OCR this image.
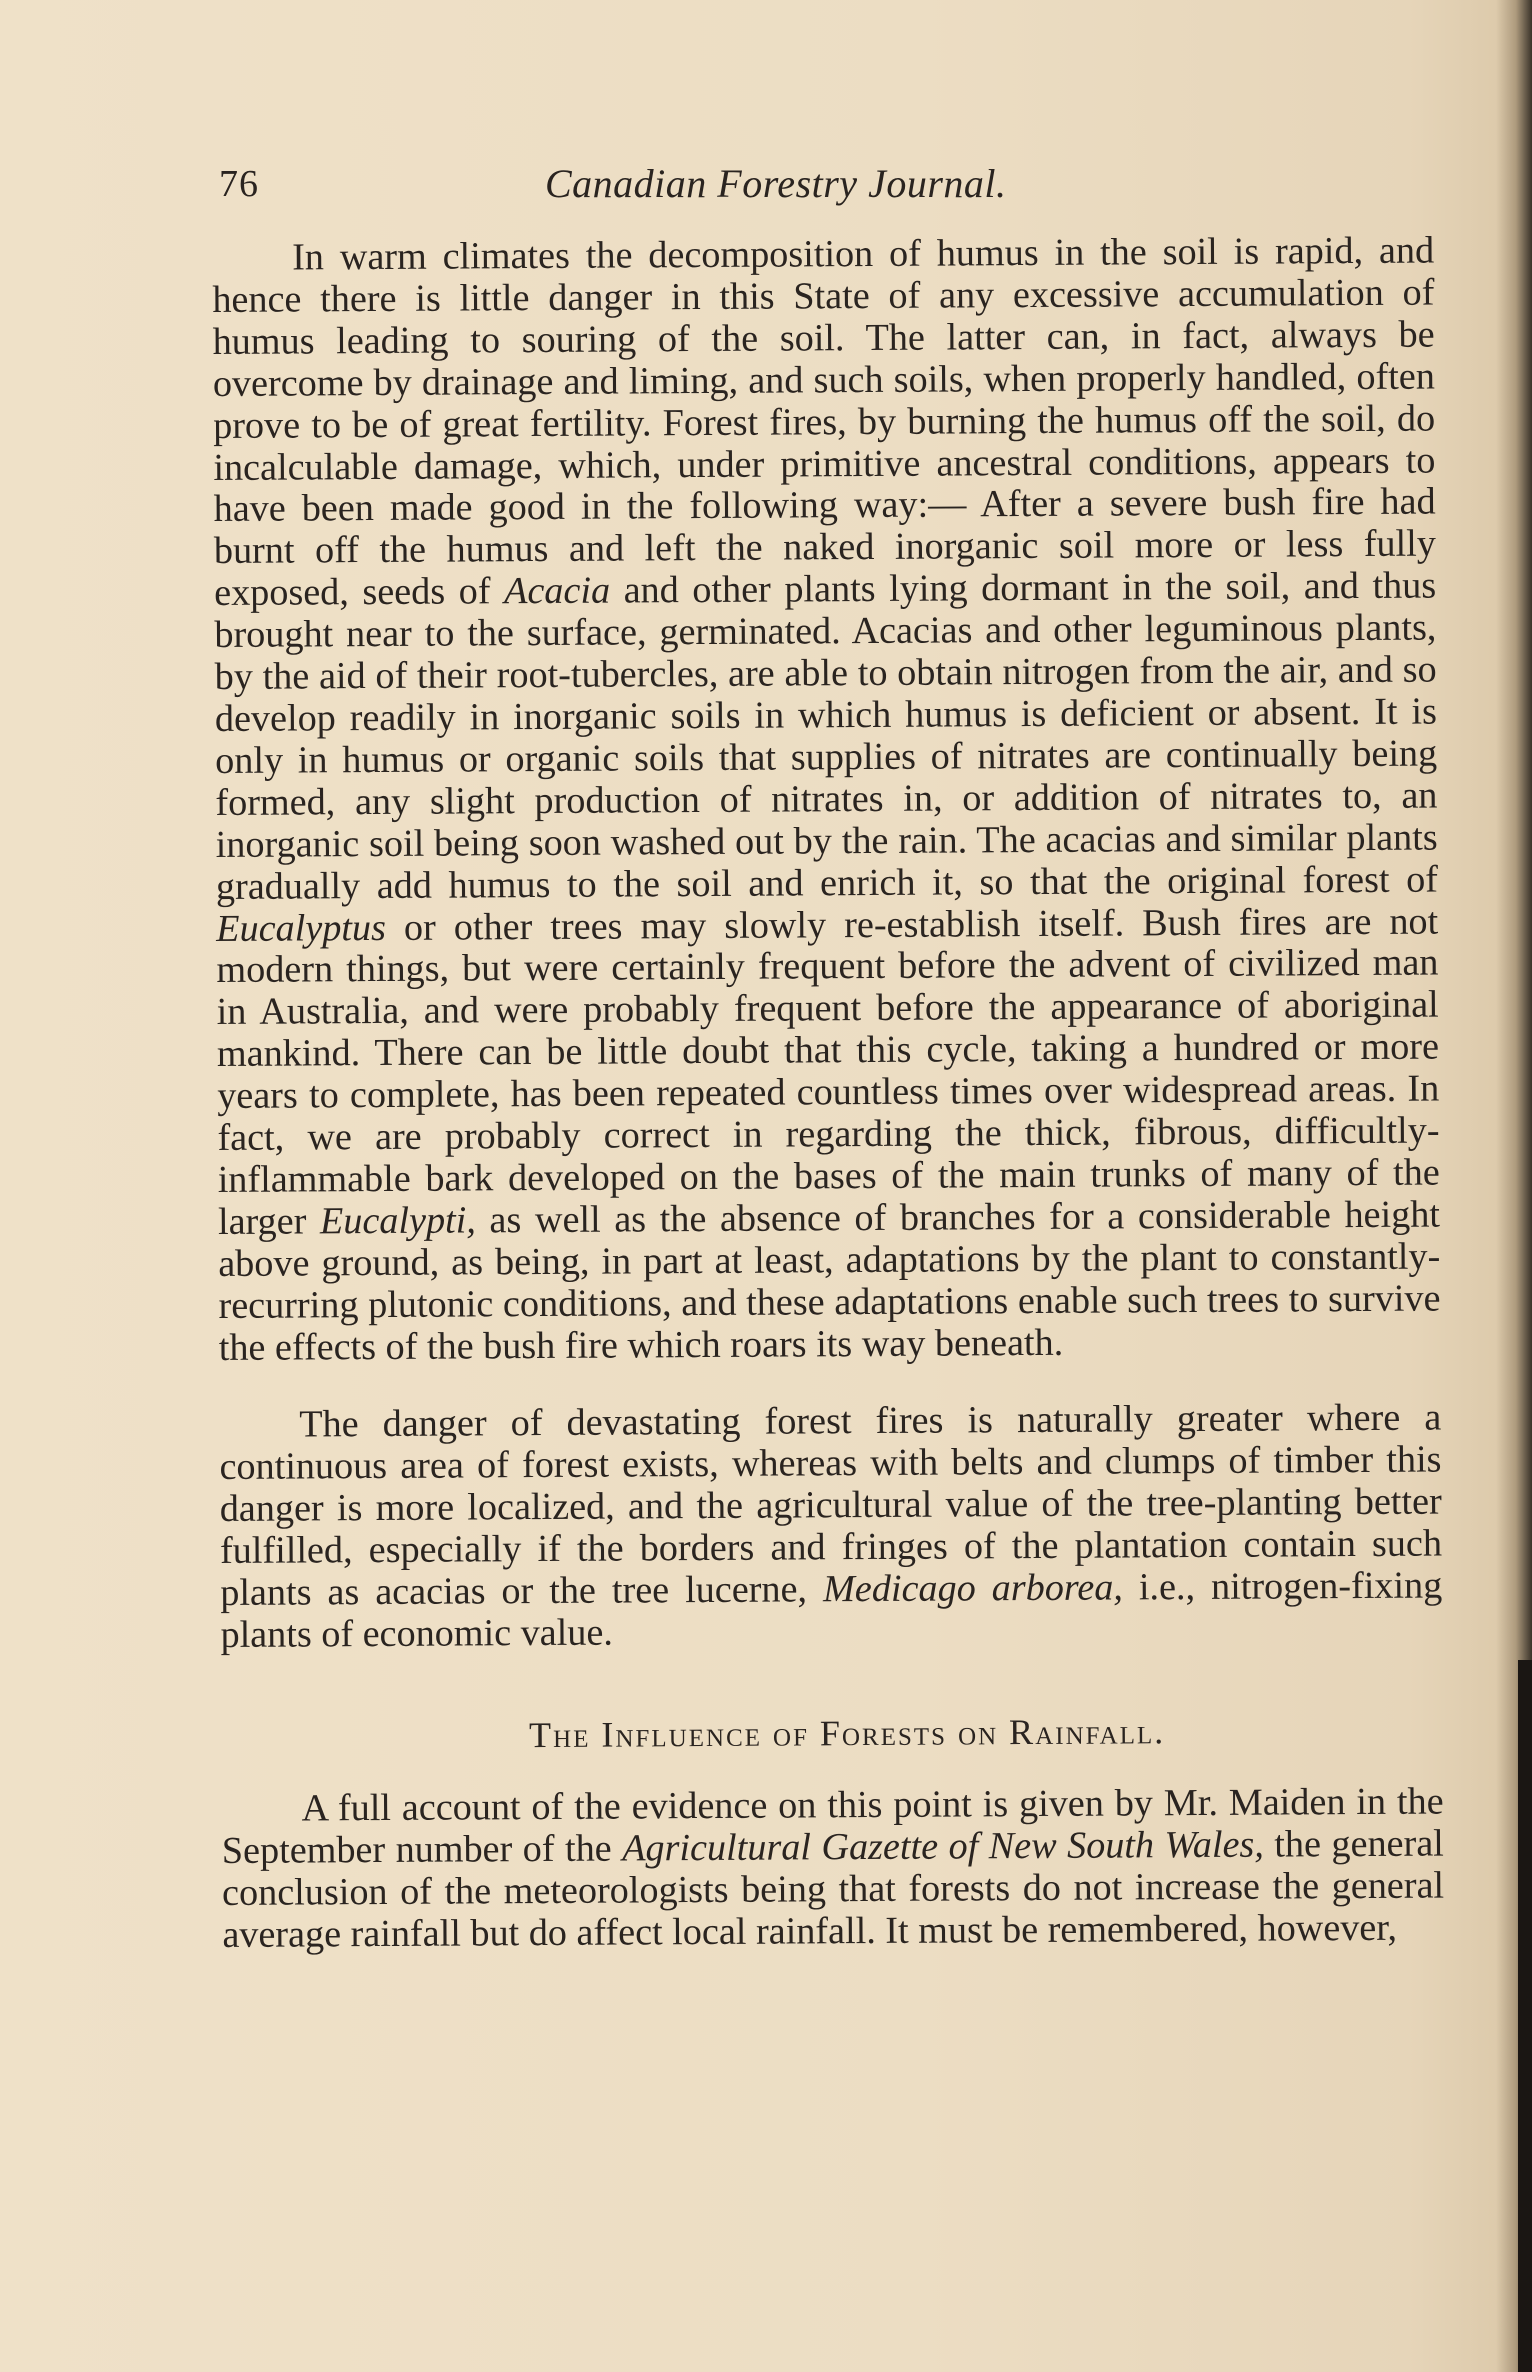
76	Canadian Forestry Journal.

In warm climates the decomposition of humus in the soil is rapid, and hence there is little danger in this State of any excessive accumulation of humus leading to souring of the soil. The latter can, in fact, always be overcome by drainage and liming, and such soils, when properly handled, often prove to be of great fertility. Forest fires, by burning the humus off the soil, do incalculable damage, which, under primitive ancestral conditions, appears to have been made good in the following way:— After a severe bush fire had burnt off the humus and left the naked inorganic soil more or less fully exposed, seeds of Acacia and other plants lying dormant in the soil, and thus brought near to the surface, germinated. Acacias and other leguminous plants, by the aid of their root-tubercles, are able to obtain nitrogen from the air, and so develop readily in inorganic soils in which humus is deficient or absent. It is only in humus or organic soils that supplies of nitrates are continually being formed, any slight production of nitrates in, or addition of nitrates to, an inorganic soil being soon washed out by the rain. The acacias and similar plants gradually add humus to the soil and enrich it, so that the original forest of Eucalyptus or other trees may slowly re-establish itself. Bush fires are not modern things, but were certainly frequent before the advent of civilized man in Australia, and were probably frequent before the appearance of aboriginal mankind. There can be little doubt that this cycle, taking a hundred or more years to complete, has been repeated countless times over widespread areas. In fact, we are probably correct in regarding the thick, fibrous, difficultly-inflammable bark developed on the bases of the main trunks of many of the larger Eucalypti, as well as the absence of branches for a considerable height above ground, as being, in part at least, adaptations by the plant to constantly-recurring plutonic conditions, and these adaptations enable such trees to survive the effects of the bush fire which roars its way beneath.

The danger of devastating forest fires is naturally greater where a continuous area of forest exists, whereas with belts and clumps of timber this danger is more localized, and the agricultural value of the tree-planting better fulfilled, especially if the borders and fringes of the plantation contain such plants as acacias or the tree lucerne, Medicago arborea, i.e., nitrogen-fixing plants of economic value.

The Influence of Forests on Rainfall.

A full account of the evidence on this point is given by Mr. Maiden in the September number of the Agricultural Gazette of New South Wales, the general conclusion of the meteorologists being that forests do not increase the general average rainfall but do affect local rainfall. It must be remembered, however,
